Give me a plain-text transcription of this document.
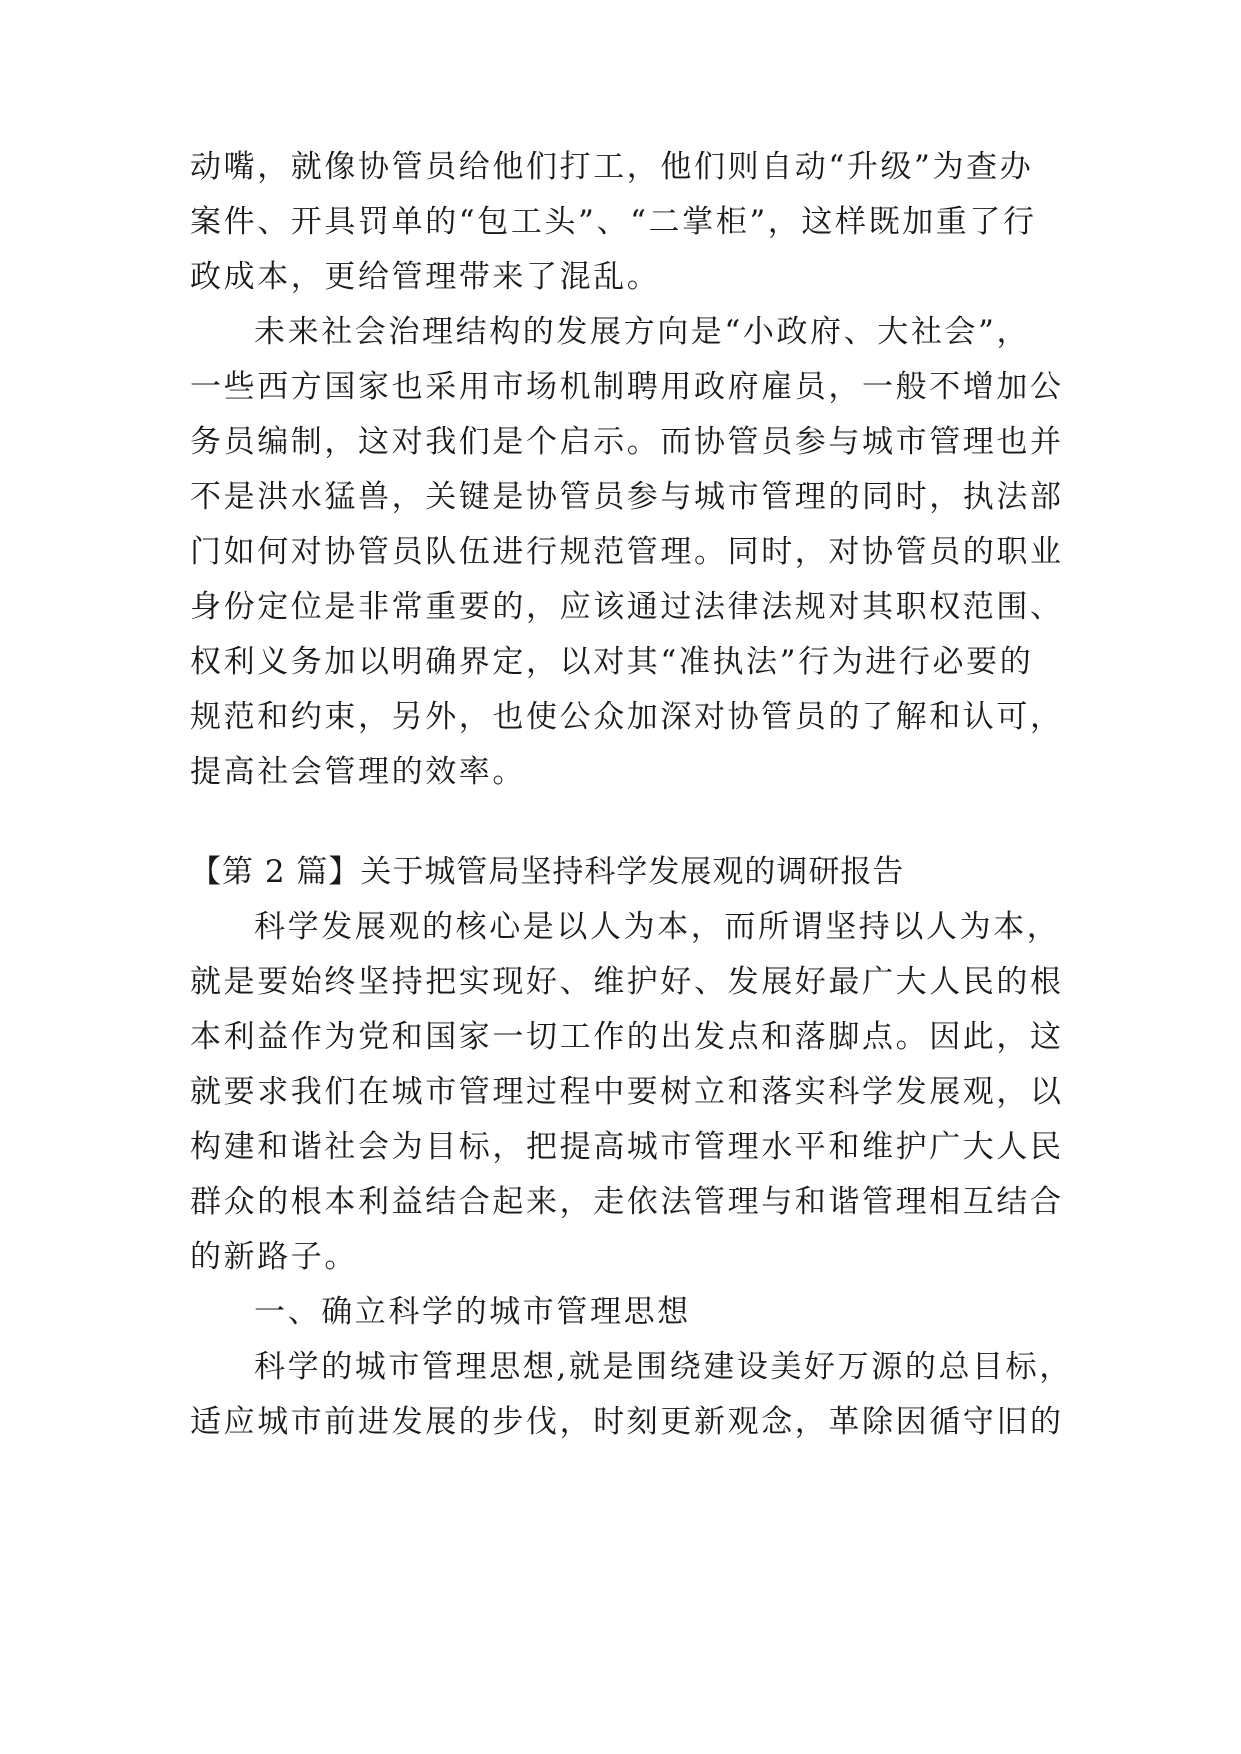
动嘴，就像协管员给他们打工，他们则自动“升级”为查办
案件、开具罚单的“包工头”、“二掌柜”，这样既加重了行
政成本，更给管理带来了混乱。
未来社会治理结构的发展方向是“小政府、大社会”，
一些西方国家也采用市场机制聘用政府雇员，一般不增加公
务员编制，这对我们是个启示。而协管员参与城市管理也并
不是洪水猛兽，关键是协管员参与城市管理的同时，执法部
门如何对协管员队伍进行规范管理。同时，对协管员的职业
身份定位是非常重要的，应该通过法律法规对其职权范围、
权利义务加以明确界定，以对其“准执法”行为进行必要的
规范和约束，另外，也使公众加深对协管员的了解和认可，
提高社会管理的效率。
【第 2 篇】关于城管局坚持科学发展观的调研报告
科学发展观的核心是以人为本，而所谓坚持以人为本，
就是要始终坚持把实现好、维护好、发展好最广大人民的根
本利益作为党和国家一切工作的出发点和落脚点。因此，这
就要求我们在城市管理过程中要树立和落实科学发展观，以
构建和谐社会为目标，把提高城市管理水平和维护广大人民
群众的根本利益结合起来，走依法管理与和谐管理相互结合
的新路子。
一、确立科学的城市管理思想
科学的城市管理思想,就是围绕建设美好万源的总目标，
适应城市前进发展的步伐，时刻更新观念，革除因循守旧的
